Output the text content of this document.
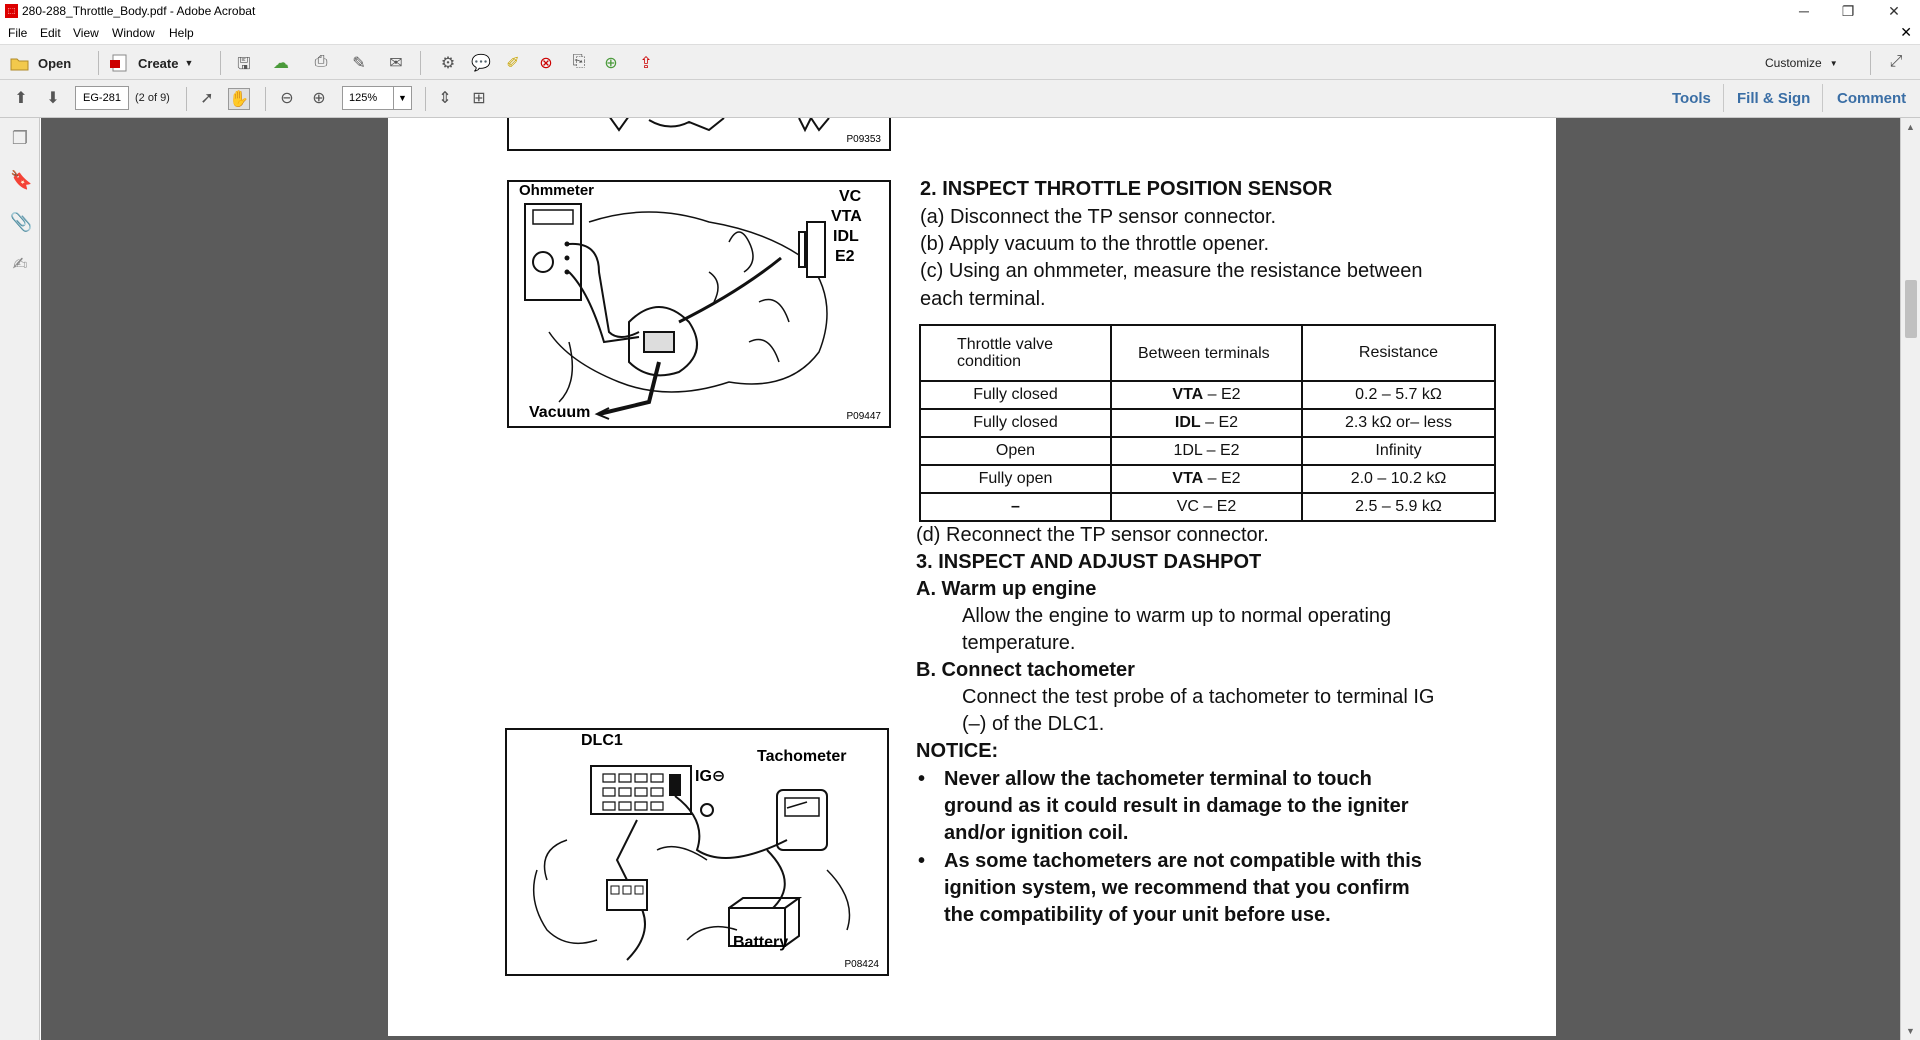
⬚ 280-288_Throttle_Body.pdf - Adobe Acrobat	─	❐	✕
File Edit View Window Help	✕
Open	Create ▼	🖫 ☁ ⎙ ✎ ✉ ⚙ 💬 ✐ ⊗ ⎘ ⊕ ⇪	Customize ▼	⤢
⬆ ⬇	EG-281	(2 of 9) ➚ ✋ ⊖ ⊕	125%	▼ ⇕ ⊞	Tools Fill & Sign Comment
❐
🔖
📎
✍
P09353
Ohmmeter	VC
VTA
IDL
E2
Vacuum	P09447
DLC1
IG⊖
Tachometer
Battery
P08424
2. INSPECT THROTTLE POSITION SENSOR
(a) Disconnect the TP sensor connector.
(b) Apply vacuum to the throttle opener.
(c) Using an ohmmeter, measure the resistance between
each terminal.
Throttle valve condition	Between terminals	Resistance
Fully closed	VTA – E2	0.2 – 5.7 kΩ
Fully closed	IDL – E2	2.3 kΩ or– less
Open	1DL – E2	Infinity
Fully open	VTA – E2	2.0 – 10.2 kΩ
–	VC – E2	2.5 – 5.9 kΩ
(d) Reconnect the TP sensor connector.
3. INSPECT AND ADJUST DASHPOT
A. Warm up engine
Allow the engine to warm up to normal operating
temperature.
B. Connect tachometer
Connect the test probe of a tachometer to terminal IG
(–) of the DLC1.
NOTICE:
• Never allow the tachometer terminal to touch
ground as it could result in damage to the igniter
and/or ignition coil.
• As some tachometers are not compatible with this
ignition system, we recommend that you confirm
the compatibility of your unit before use.
▲
▼
